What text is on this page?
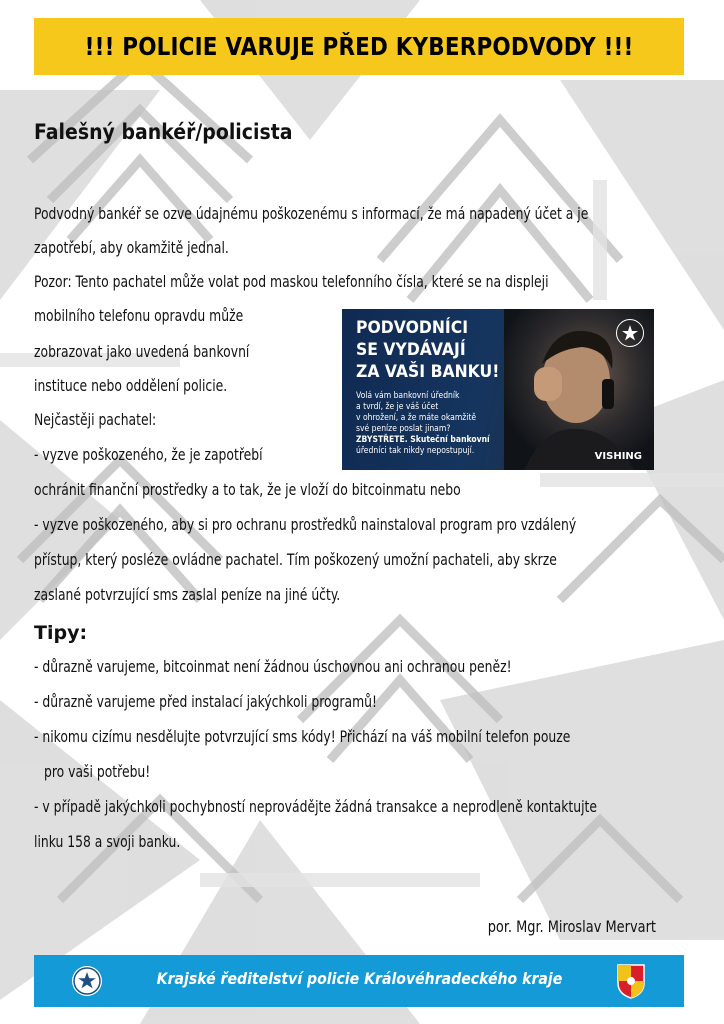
!!! POLICIE VARUJE PŘED KYBERPODVODY !!!
Falešný bankéř/policista
Podvodný bankéř se ozve údajnému poškozenému s informací, že má napadený účet a je
zapotřebí, aby okamžitě jednal.
Pozor: Tento pachatel může volat pod maskou telefonního čísla, které se na displeji
mobilního telefonu opravdu může
zobrazovat jako uvedená bankovní
instituce nebo oddělení policie.
Nejčastěji pachatel:
- vyzve poškozeného, že je zapotřebí
ochránit finanční prostředky a to tak, že je vloží do bitcoinmatu nebo
- vyzve poškozeného, aby si pro ochranu prostředků nainstaloval program pro vzdálený
přístup, který posléze ovládne pachatel. Tím poškozený umožní pachateli, aby skrze
zaslané potvrzující sms zaslal peníze na jiné účty.
Tipy:
- důrazně varujeme, bitcoinmat není žádnou úschovnou ani ochranou peněz!
- důrazně varujeme před instalací jakýchkoli programů!
- nikomu cizímu nesdělujte potvrzující sms kódy! Přichází na váš mobilní telefon pouze
pro vaši potřebu!
- v případě jakýchkoli pochybností neprovádějte žádná transakce a neprodleně kontaktujte
linku 158 a svoji banku.
PODVODNÍCI
SE VYDÁVAJÍ
ZA VAŠI BANKU!
Volá vám bankovní úředník
a tvrdí, že je váš účet
v ohrožení, a že máte okamžitě
své peníze poslat jinam?
ZBYSTŘETE. Skuteční bankovní
úředníci tak nikdy nepostupují.	VISHING
por. Mgr. Miroslav Mervart
Krajské ředitelství policie Královéhradeckého kraje
